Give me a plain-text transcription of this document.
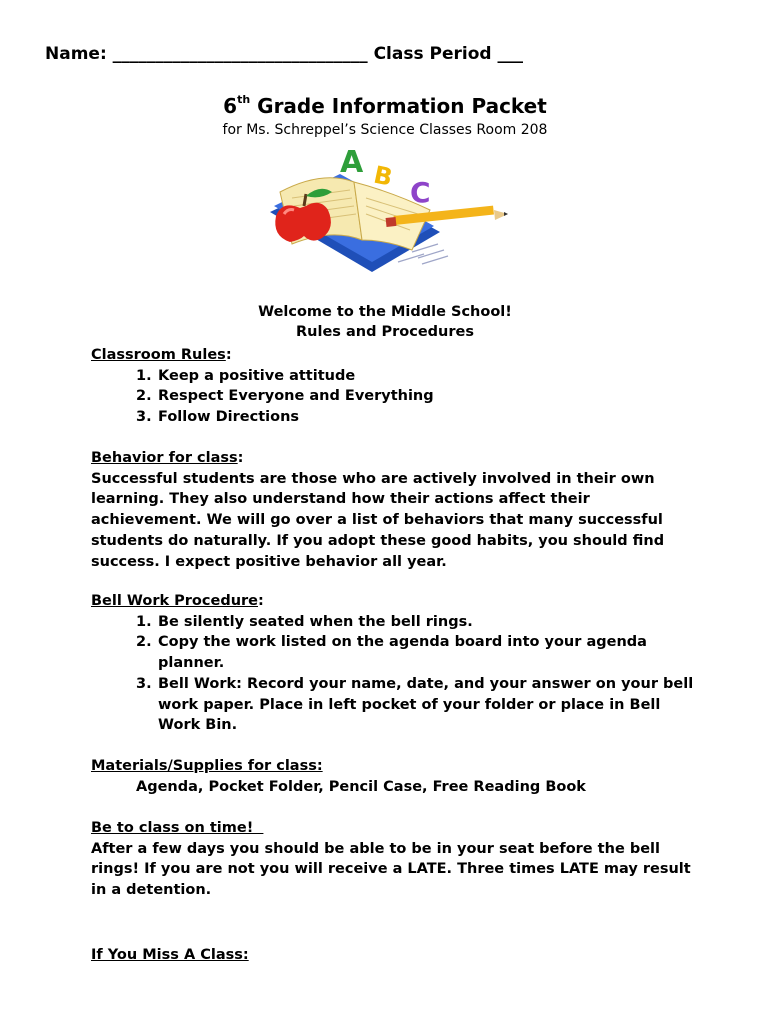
Name: ______________________________ Class Period ___
6th Grade Information Packet
for Ms. Schreppel’s Science Classes Room 208
A B C
Welcome to the Middle School!
Rules and Procedures
Classroom Rules:
1. Keep a positive attitude
2. Respect Everyone and Everything
3. Follow Directions
Behavior for class:
Successful students are those who are actively involved in their own
learning. They also understand how their actions affect their
achievement. We will go over a list of behaviors that many successful
students do naturally. If you adopt these good habits, you should find
success. I expect positive behavior all year.
Bell Work Procedure:
1. Be silently seated when the bell rings.
2. Copy the work listed on the agenda board into your agenda
planner.
3. Bell Work: Record your name, date, and your answer on your bell
work paper. Place in left pocket of your folder or place in Bell
Work Bin.
Materials/Supplies for class:
Agenda, Pocket Folder, Pencil Case, Free Reading Book
Be to class on time!
After a few days you should be able to be in your seat before the bell
rings! If you are not you will receive a LATE. Three times LATE may result
in a detention.
If You Miss A Class:
